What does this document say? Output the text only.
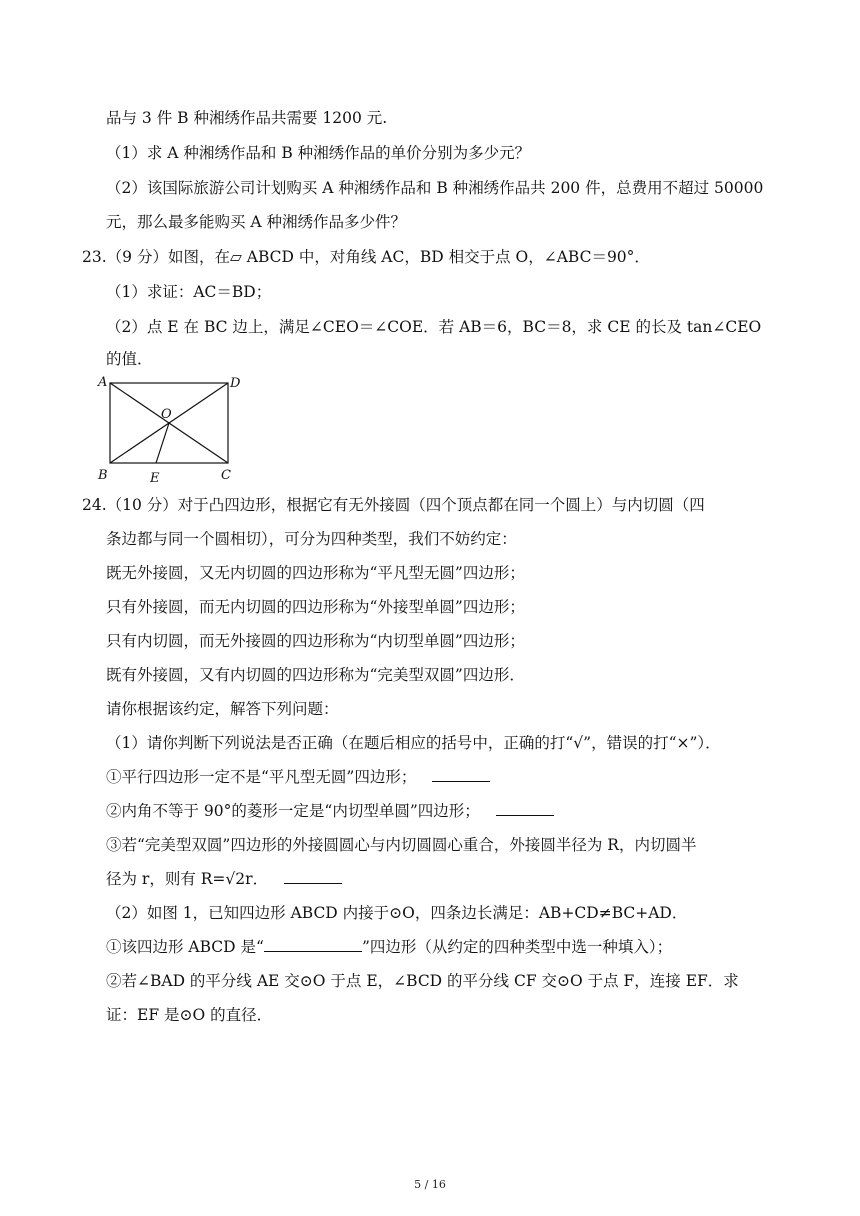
品与 3 件 B 种湘绣作品共需要 1200 元.
（1）求 A 种湘绣作品和 B 种湘绣作品的单价分别为多少元？
（2）该国际旅游公司计划购买 A 种湘绣作品和 B 种湘绣作品共 200 件，总费用不超过 50000
元，那么最多能购买 A 种湘绣作品多少件？
23.（9 分）如图，在▱ ABCD 中，对角线 AC，BD 相交于点 O，∠ABC＝90°．
（1）求证：AC＝BD；
（2）点 E 在 BC 边上，满足∠CEO＝∠COE．若 AB＝6，BC＝8，求 CE 的长及 tan∠CEO
的值．
A	D
O
B	E	C
24.（10 分）对于凸四边形，根据它有无外接圆（四个顶点都在同一个圆上）与内切圆（四
条边都与同一个圆相切），可分为四种类型，我们不妨约定：
既无外接圆，又无内切圆的四边形称为“平凡型无圆”四边形；
只有外接圆，而无内切圆的四边形称为“外接型单圆”四边形；
只有内切圆，而无外接圆的四边形称为“内切型单圆”四边形；
既有外接圆，又有内切圆的四边形称为“完美型双圆”四边形．
请你根据该约定，解答下列问题：
（1）请你判断下列说法是否正确（在题后相应的括号中，正确的打“√”，错误的打“×”）．
①平行四边形一定不是“平凡型无圆”四边形；
②内角不等于 90°的菱形一定是“内切型单圆”四边形；
③若“完美型双圆”四边形的外接圆圆心与内切圆圆心重合，外接圆半径为 R，内切圆半
径为 r，则有 R=√2r．
（2）如图 1，已知四边形 ABCD 内接于⊙O，四条边长满足：AB+CD≠BC+AD．
①该四边形 ABCD 是“	”四边形（从约定的四种类型中选一种填入）；
②若∠BAD 的平分线 AE 交⊙O 于点 E，∠BCD 的平分线 CF 交⊙O 于点 F，连接 EF．求
证：EF 是⊙O 的直径．
5 / 16
